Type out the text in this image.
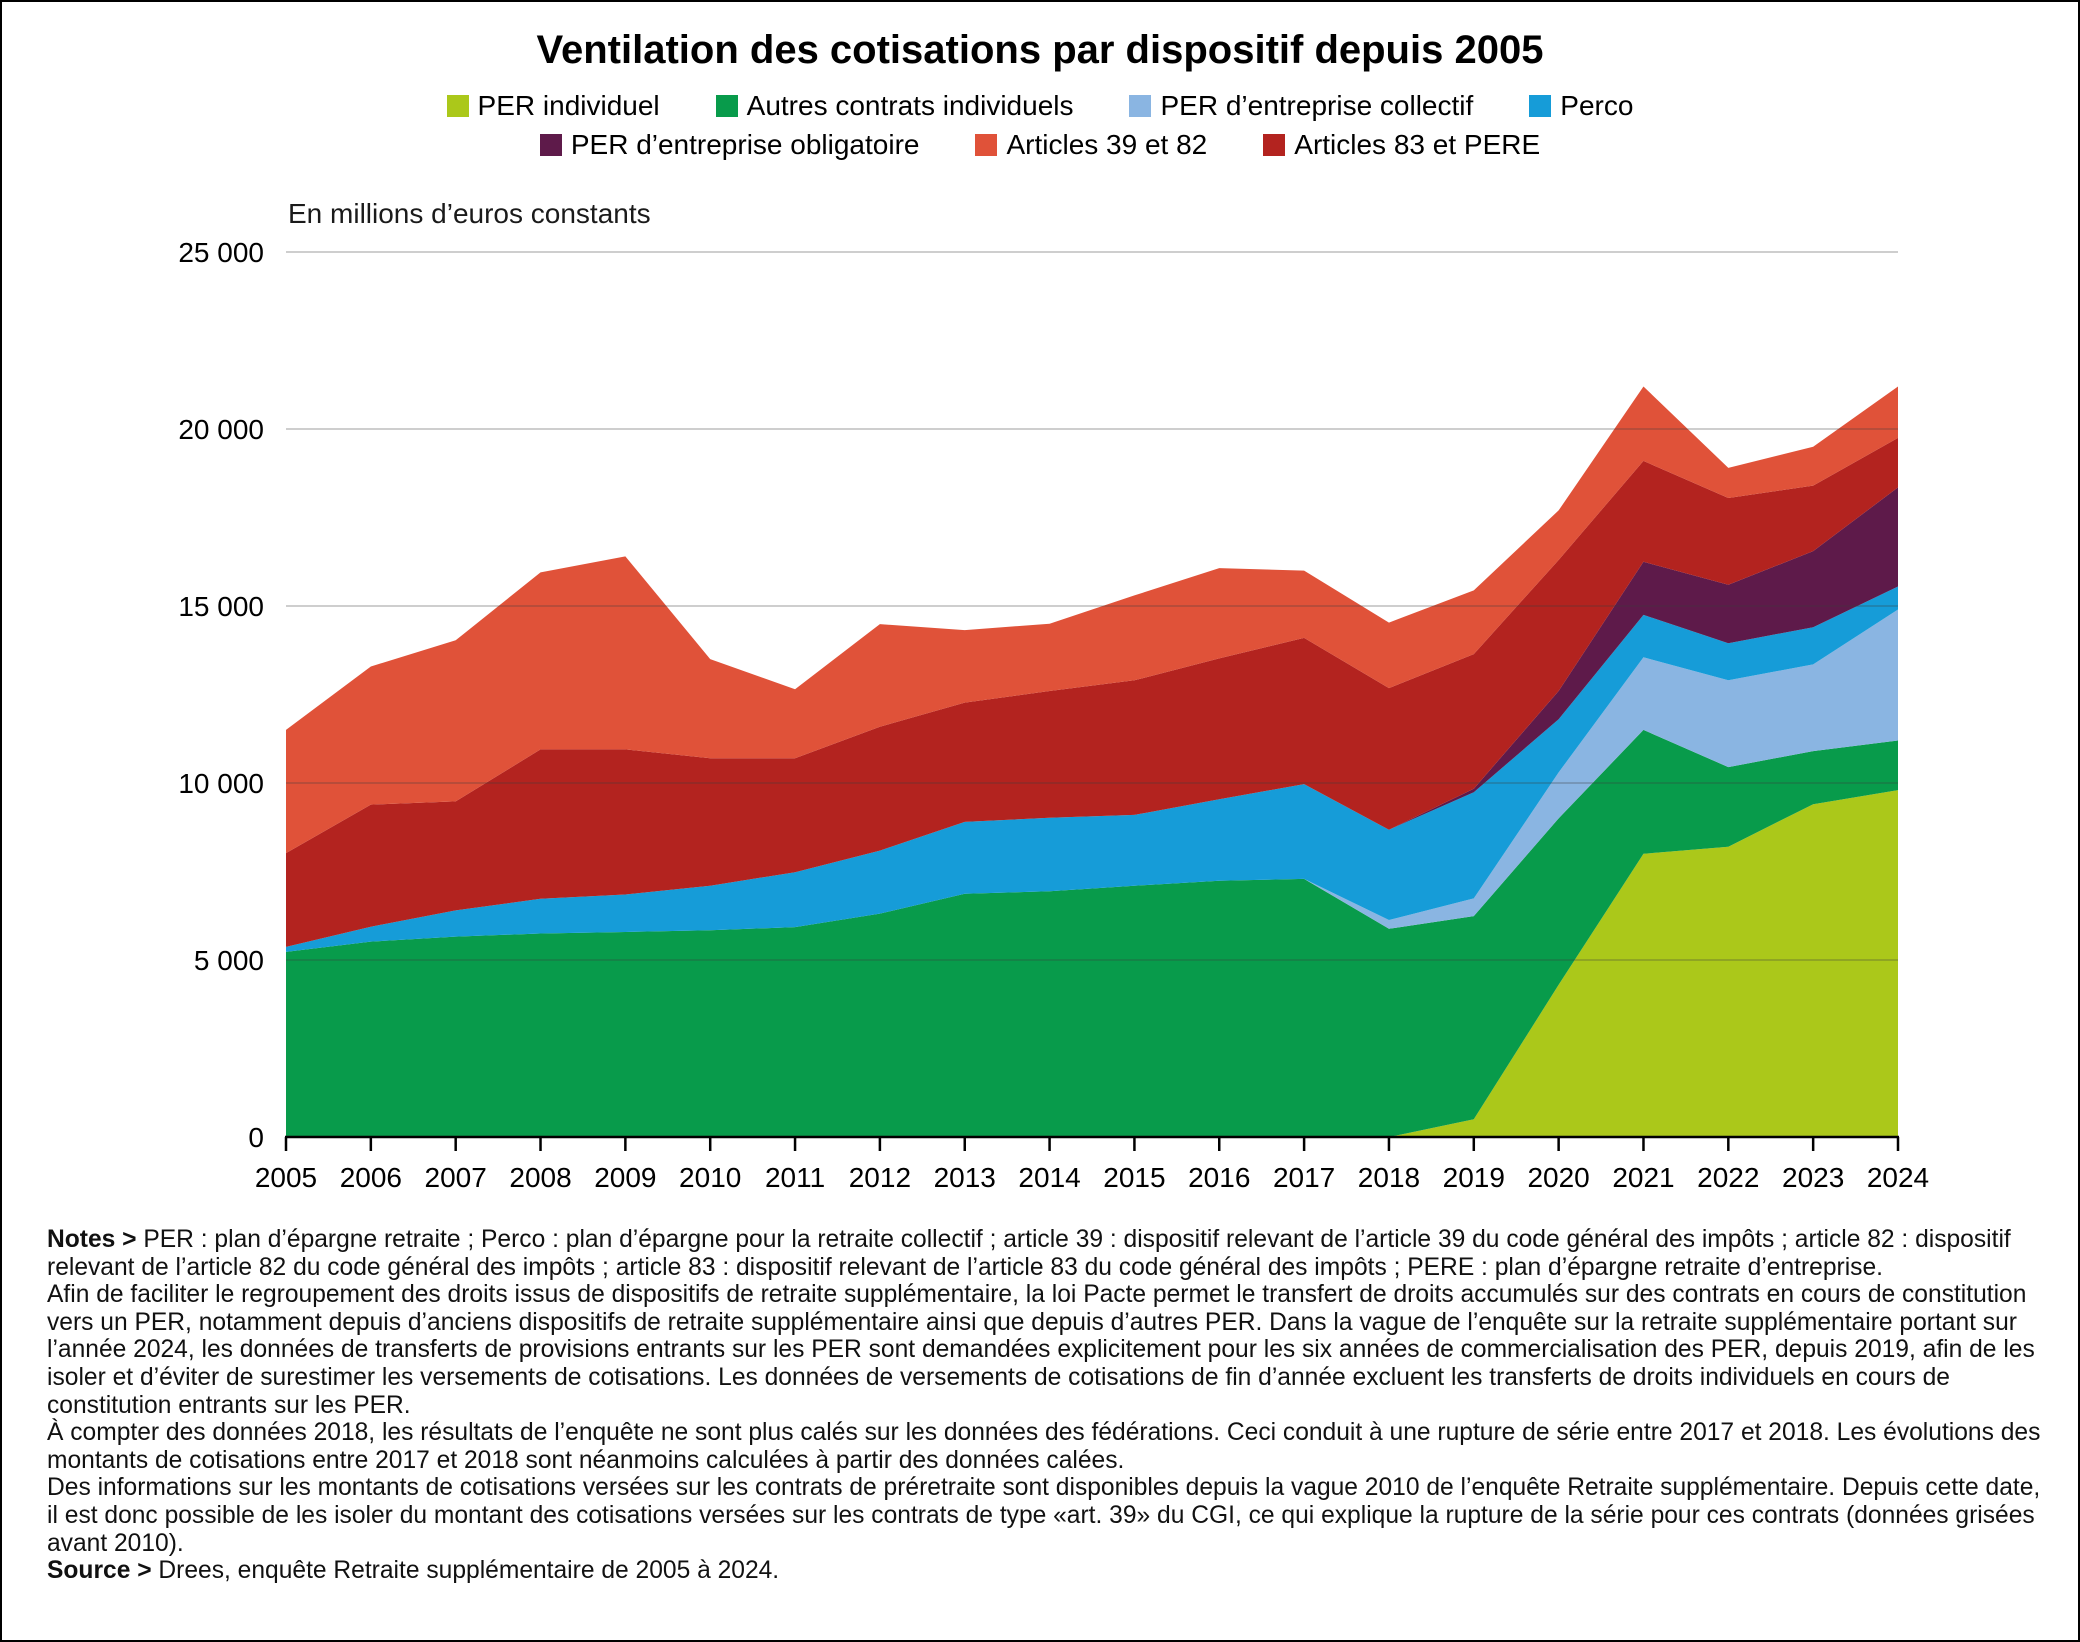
Ventilation des cotisations par dispositif depuis 2005
PER individuel	Autres contrats individuels	PER d’entreprise collectif	Perco
PER d’entreprise obligatoire	Articles 39 et 82	Articles 83 et PERE
En millions d’euros constants
0
5 000
10 000
15 000
20 000
25 000
2005 2006 2007 2008 2009 2010 2011 2012 2013 2014 2015 2016 2017 2018 2019 2020 2021 2022 2023 2024

Notes > PER : plan d’épargne retraite ; Perco : plan d’épargne pour la retraite collectif ; article 39 : dispositif relevant de l’article 39 du code général des impôts ; article 82 : dispositif relevant de l’article 82 du code général des impôts ; article 83 : dispositif relevant de l’article 83 du code général des impôts ; PERE : plan d’épargne retraite d’entreprise.

Afin de faciliter le regroupement des droits issus de dispositifs de retraite supplémentaire, la loi Pacte permet le transfert de droits accumulés sur des contrats en cours de constitution vers un PER, notamment depuis d’anciens dispositifs de retraite supplémentaire ainsi que depuis d’autres PER. Dans la vague de l’enquête sur la retraite supplémentaire portant sur l’année 2024, les données de transferts de provisions entrants sur les PER sont demandées explicitement pour les six années de commercialisation des PER, depuis 2019, afin de les isoler et d’éviter de surestimer les versements de cotisations. Les données de versements de cotisations de fin d’année excluent les transferts de droits individuels en cours de constitution entrants sur les PER.

À compter des données 2018, les résultats de l’enquête ne sont plus calés sur les données des fédérations. Ceci conduit à une rupture de série entre 2017 et 2018. Les évolutions des montants de cotisations entre 2017 et 2018 sont néanmoins calculées à partir des données calées.

Des informations sur les montants de cotisations versées sur les contrats de préretraite sont disponibles depuis la vague 2010 de l’enquête Retraite supplémentaire. Depuis cette date, il est donc possible de les isoler du montant des cotisations versées sur les contrats de type «art. 39» du CGI, ce qui explique la rupture de la série pour ces contrats (données grisées avant 2010).

Source > Drees, enquête Retraite supplémentaire de 2005 à 2024.
